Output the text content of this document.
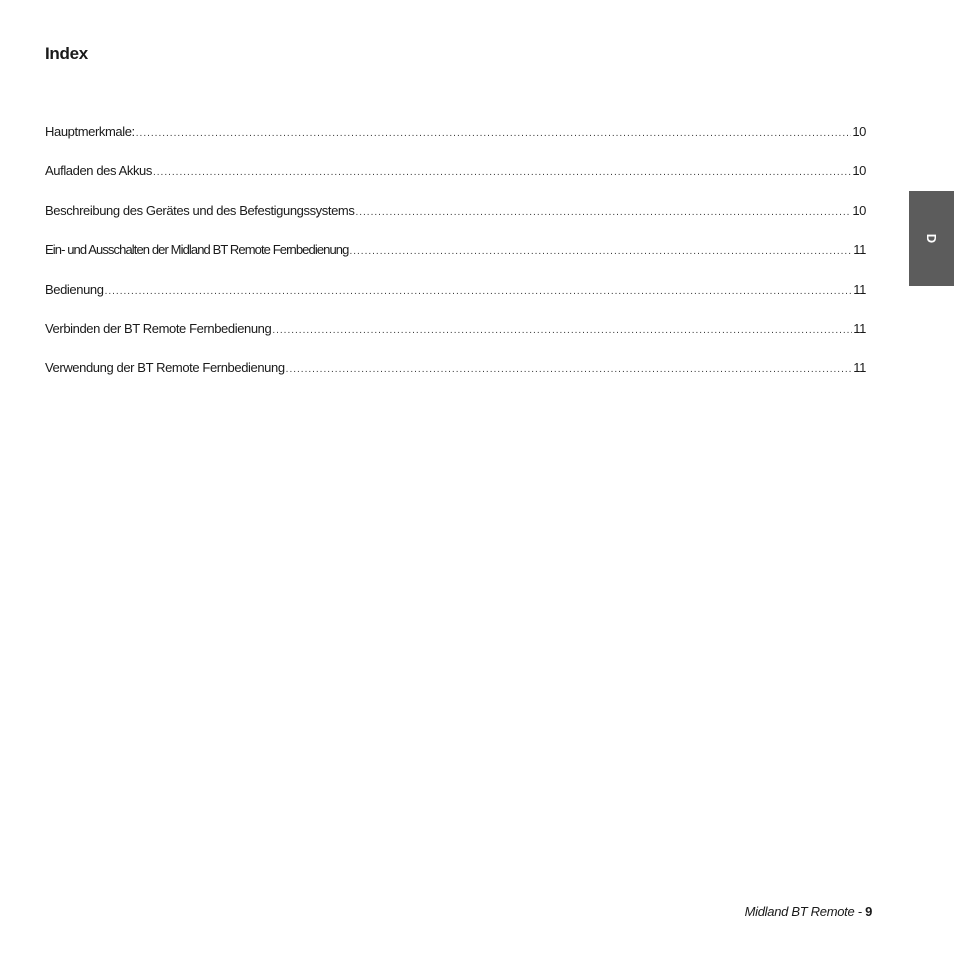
Index
Hauptmerkmale: .....	10
Aufladen des Akkus .....	10
Beschreibung des Gerätes und des Befestigungssystems .....	10
Ein- und Ausschalten der Midland BT Remote Fernbedienung .....	11
Bedienung .....	11
Verbinden der BT Remote Fernbedienung .....	11
Verwendung der BT Remote Fernbedienung .....	11
D
Midland BT Remote - 9
